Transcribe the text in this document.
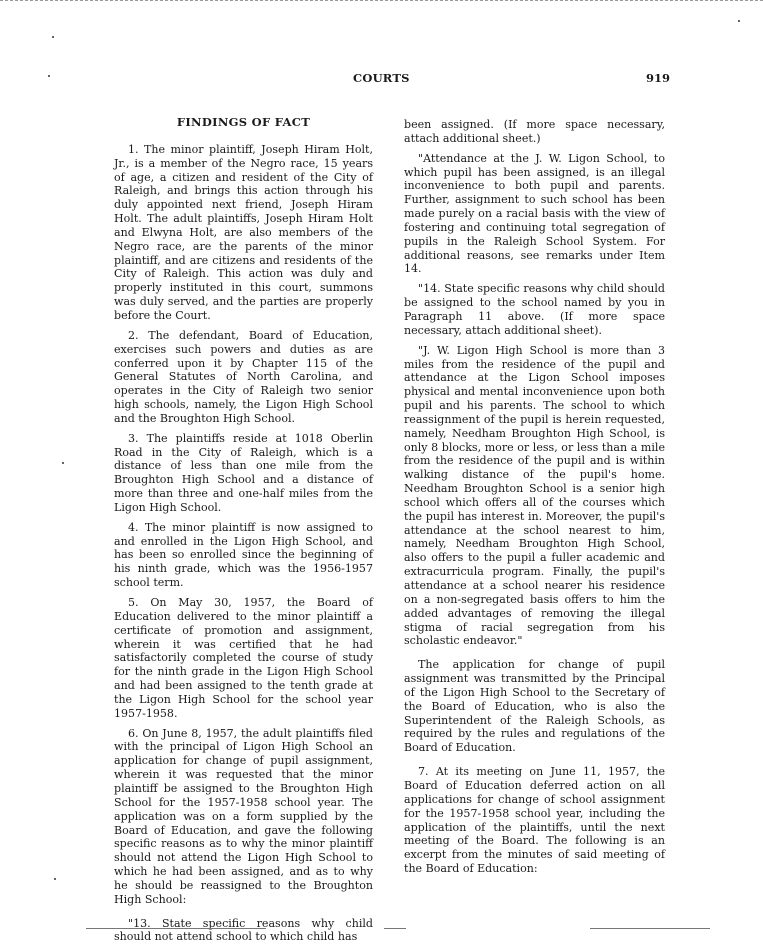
COURTS	919
FINDINGS OF FACT

1. The minor plaintiff, Joseph Hiram Holt, Jr., is a member of the Negro race, 15 years of age, a citizen and resident of the City of Raleigh, and brings this action through his duly appointed next friend, Joseph Hiram Holt. The adult plaintiffs, Joseph Hiram Holt and Elwyna Holt, are also members of the Negro race, are the parents of the minor plaintiff, and are citizens and residents of the City of Raleigh. This action was duly and properly instituted in this court, summons was duly served, and the parties are properly before the Court.

2. The defendant, Board of Education, exercises such powers and duties as are conferred upon it by Chapter 115 of the General Statutes of North Carolina, and operates in the City of Raleigh two senior high schools, namely, the Ligon High School and the Broughton High School.

3. The plaintiffs reside at 1018 Oberlin Road in the City of Raleigh, which is a distance of less than one mile from the Broughton High School and a distance of more than three and one-half miles from the Ligon High School.

4. The minor plaintiff is now assigned to and enrolled in the Ligon High School, and has been so enrolled since the beginning of his ninth grade, which was the 1956-1957 school term.

5. On May 30, 1957, the Board of Education delivered to the minor plaintiff a certificate of promotion and assignment, wherein it was certified that he had satisfactorily completed the course of study for the ninth grade in the Ligon High School and had been assigned to the tenth grade at the Ligon High School for the school year 1957-1958.

6. On June 8, 1957, the adult plaintiffs filed with the principal of Ligon High School an application for change of pupil assignment, wherein it was requested that the minor plaintiff be assigned to the Broughton High School for the 1957-1958 school year. The application was on a form supplied by the Board of Education, and gave the following specific reasons as to why the minor plaintiff should not attend the Ligon High School to which he had been assigned, and as to why he should be reassigned to the Broughton High School:

"13. State specific reasons why child should not attend school to which child has

been assigned. (If more space necessary, attach additional sheet.)

"Attendance at the J. W. Ligon School, to which pupil has been assigned, is an illegal inconvenience to both pupil and parents. Further, assignment to such school has been made purely on a racial basis with the view of fostering and continuing total segregation of pupils in the Raleigh School System. For additional reasons, see remarks under Item 14.

"14. State specific reasons why child should be assigned to the school named by you in Paragraph 11 above. (If more space necessary, attach additional sheet).

"J. W. Ligon High School is more than 3 miles from the residence of the pupil and attendance at the Ligon School imposes physical and mental inconvenience upon both pupil and his parents. The school to which reassignment of the pupil is herein requested, namely, Needham Broughton High School, is only 8 blocks, more or less, or less than a mile from the residence of the pupil and is within walking distance of the pupil's home. Needham Broughton School is a senior high school which offers all of the courses which the pupil has interest in. Moreover, the pupil's attendance at the school nearest to him, namely, Needham Broughton High School, also offers to the pupil a fuller academic and extracurricula program. Finally, the pupil's attendance at a school nearer his residence on a non-segregated basis offers to him the added advantages of removing the illegal stigma of racial segregation from his scholastic endeavor."

The application for change of pupil assignment was transmitted by the Principal of the Ligon High School to the Secretary of the Board of Education, who is also the Superintendent of the Raleigh Schools, as required by the rules and regulations of the Board of Education.

7. At its meeting on June 11, 1957, the Board of Education deferred action on all applications for change of school assignment for the 1957-1958 school year, including the application of the plaintiffs, until the next meeting of the Board. The following is an excerpt from the minutes of said meeting of the Board of Education:
